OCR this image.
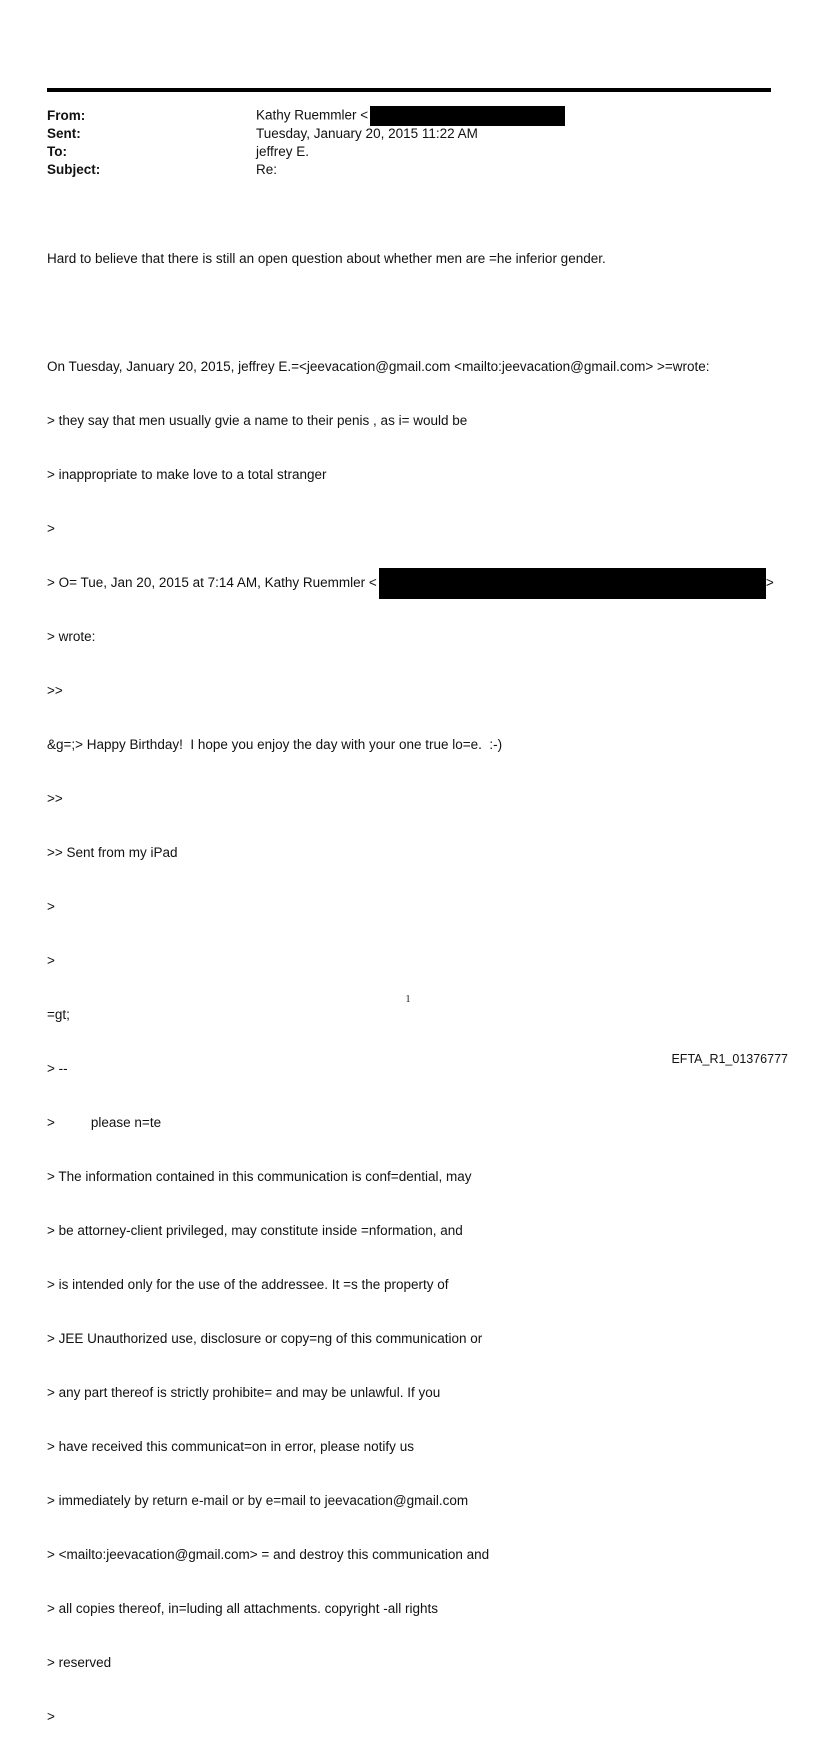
From:	Kathy Ruemmler <
Sent:	Tuesday, January 20, 2015 11:22 AM
To:	jeffrey E.
Subject:	Re:

Hard to believe that there is still an open question about whether men are =he inferior gender.

On Tuesday, January 20, 2015, jeffrey E.=<jeevacation@gmail.com <mailto:jeevacation@gmail.com> >=wrote:

> they say that men usually gvie a name to their penis , as i= would be

> inappropriate to make love to a total stranger

>

> O= Tue, Jan 20, 2015 at 7:14 AM, Kathy Ruemmler <	>

> wrote:

>>

&g=;> Happy Birthday!  I hope you enjoy the day with your one true lo=e.  :-)

>>

>> Sent from my iPad

>

>

=gt;

> --

>	please n=te

> The information contained in this communication is conf=dential, may

> be attorney-client privileged, may constitute inside =nformation, and

> is intended only for the use of the addressee. It =s the property of

> JEE Unauthorized use, disclosure or copy=ng of this communication or

> any part thereof is strictly prohibite= and may be unlawful. If you

> have received this communicat=on in error, please notify us

> immediately by return e-mail or by e=mail to jeevacation@gmail.com

> <mailto:jeevacation@gmail.com> = and destroy this communication and

> all copies thereof, in=luding all attachments. copyright -all rights

> reserved

>

1
EFTA_R1_01376777
